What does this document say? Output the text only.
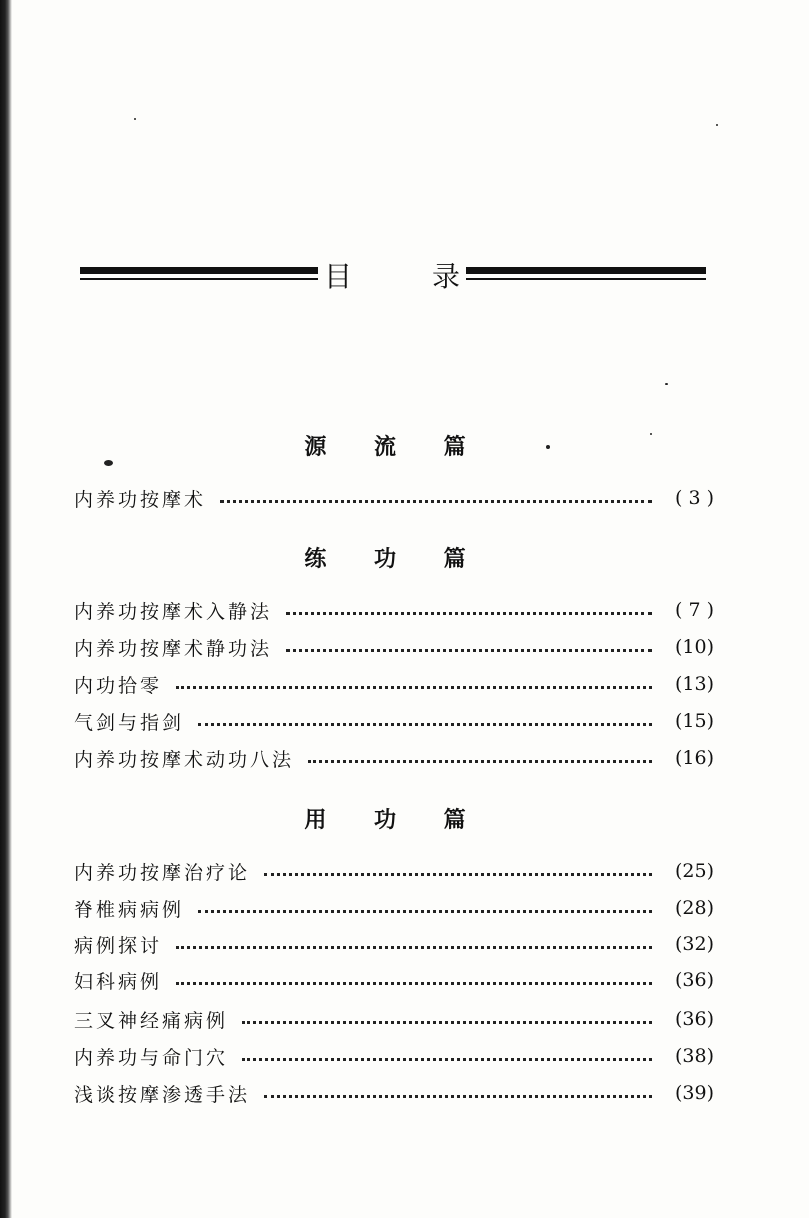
目	录
源 流 篇
内养功按摩术	( 3 )
练 功 篇
内养功按摩术入静法	( 7 )
内养功按摩术静功法	(10)
内功拾零	(13)
气剑与指剑	(15)
内养功按摩术动功八法	(16)
用 功 篇
内养功按摩治疗论	(25)
脊椎病病例	(28)
病例探讨	(32)
妇科病例	(36)
三叉神经痛病例	(36)
内养功与命门穴	(38)
浅谈按摩渗透手法	(39)
